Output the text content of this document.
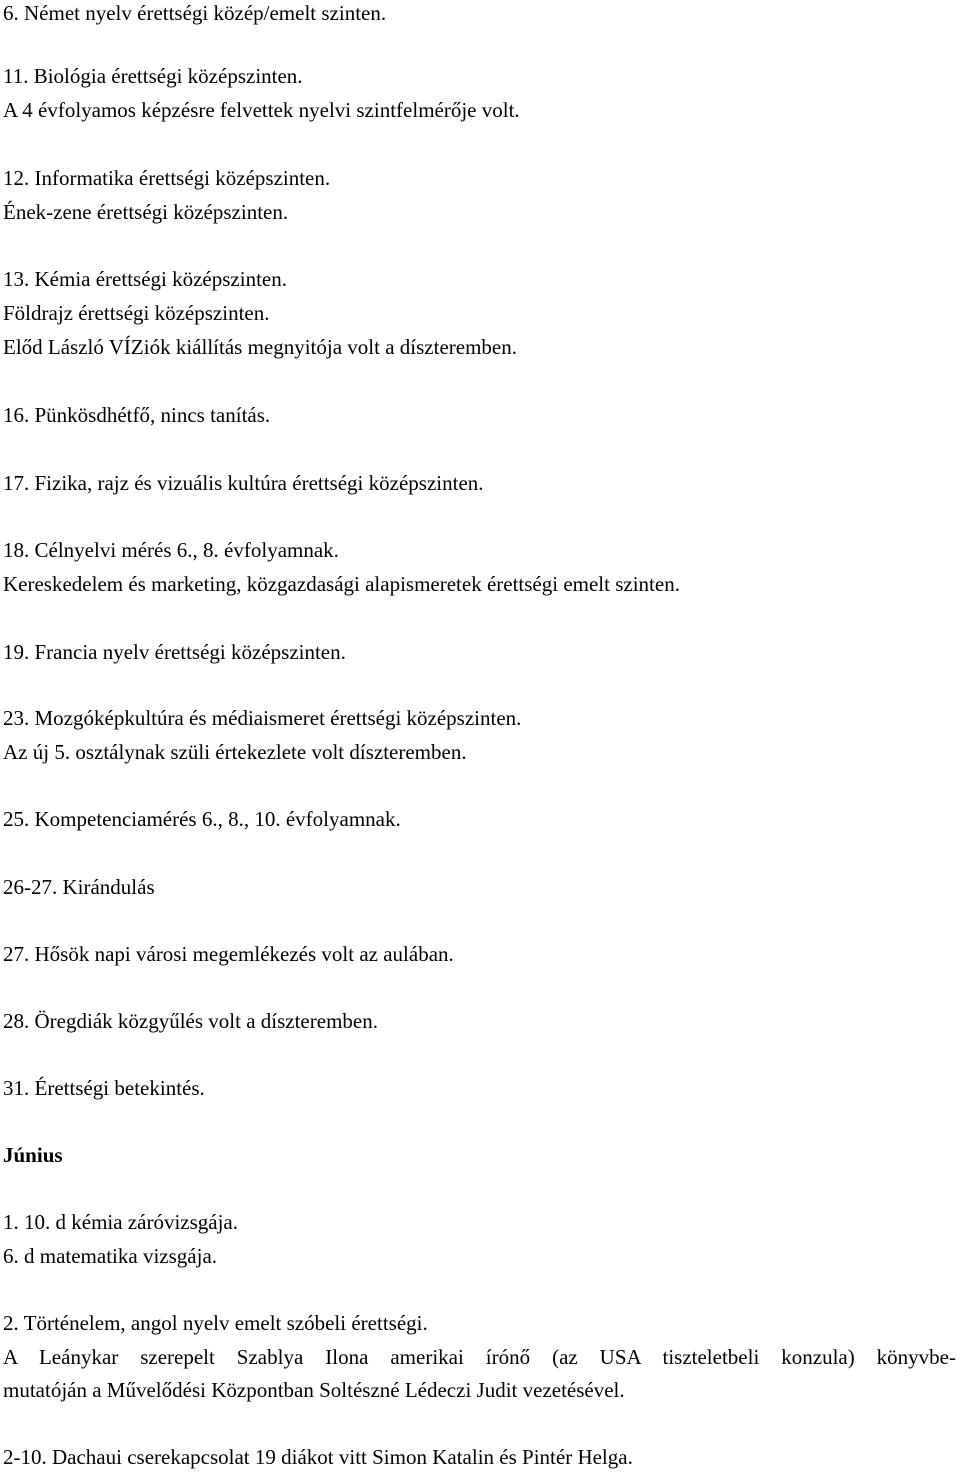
6. Német nyelv érettségi közép/emelt szinten.
11. Biológia érettségi középszinten.
A 4 évfolyamos képzésre felvettek nyelvi szintfelmérője volt.
12. Informatika érettségi középszinten.
Ének-zene érettségi középszinten.
13. Kémia érettségi középszinten.
Földrajz érettségi középszinten.
Előd László VÍZiók kiállítás megnyitója volt a díszteremben.
16. Pünkösdhétfő, nincs tanítás.
17. Fizika, rajz és vizuális kultúra érettségi középszinten.
18. Célnyelvi mérés 6., 8. évfolyamnak.
Kereskedelem és marketing, közgazdasági alapismeretek érettségi emelt szinten.
19. Francia nyelv érettségi középszinten.
23. Mozgóképkultúra és médiaismeret érettségi középszinten.
Az új 5. osztálynak szüli értekezlete volt díszteremben.
25. Kompetenciamérés 6., 8., 10. évfolyamnak.
26-27. Kirándulás
27. Hősök napi városi megemlékezés volt az aulában.
28. Öregdiák közgyűlés volt a díszteremben.
31. Érettségi betekintés.
Június
1. 10. d kémia záróvizsgája.
6. d matematika vizsgája.
2. Történelem, angol nyelv emelt szóbeli érettségi.
A Leánykar szerepelt Szablya Ilona amerikai írónő (az USA tiszteletbeli konzula) könyvbe-
mutatóján a Művelődési Központban Soltészné Lédeczi Judit vezetésével.
2-10. Dachaui cserekapcsolat 19 diákot vitt Simon Katalin és Pintér Helga.
